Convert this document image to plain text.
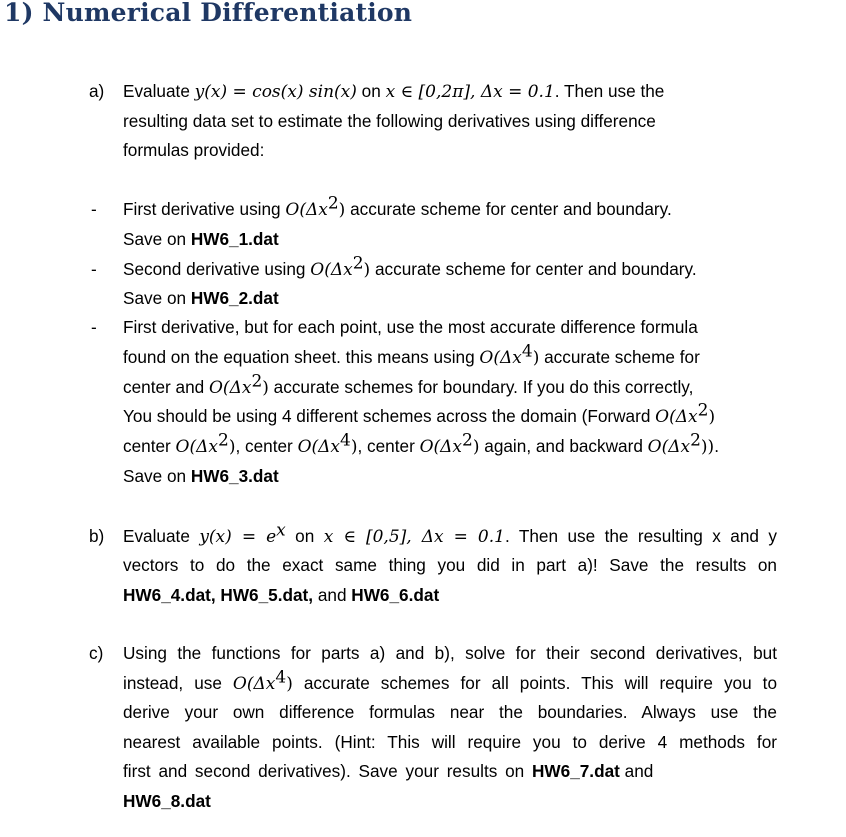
1) Numerical Differentiation
a) Evaluate y(x) = cos(x) sin(x) on x ∈ [0,2π], Δx = 0.1. Then use the
resulting data set to estimate the following derivatives using difference
formulas provided:
- First derivative using $O(\Delta x^2)$ accurate scheme for center and boundary.
Save on HW6_1.dat
- Second derivative using $O(\Delta x^2)$ accurate scheme for center and boundary.
Save on HW6_2.dat
- First derivative, but for each point, use the most accurate difference formula
found on the equation sheet. this means using $O(\Delta x^4)$ accurate scheme for
center and $O(\Delta x^2)$ accurate schemes for boundary. If you do this correctly,
You should be using 4 different schemes across the domain (Forward $O(\Delta x^2)$
center $O(\Delta x^2)$, center $O(\Delta x^4)$, center $O(\Delta x^2)$ again, and backward $O(\Delta x^2)$).
Save on HW6_3.dat
b) Evaluate $y(x) = e^x$ on x ∈ [0,5], Δx = 0.1. Then use the resulting x and y
vectors to do the exact same thing you did in part a)! Save the results on
HW6_4.dat, HW6_5.dat, and HW6_6.dat
c) Using the functions for parts a) and b), solve for their second derivatives, but
instead, use $O(\Delta x^4)$ accurate schemes for all points. This will require you to
derive your own difference formulas near the boundaries. Always use the
nearest available points. (Hint: This will require you to derive 4 methods for
first and second derivatives). Save your results on HW6_7.dat and
HW6_8.dat
